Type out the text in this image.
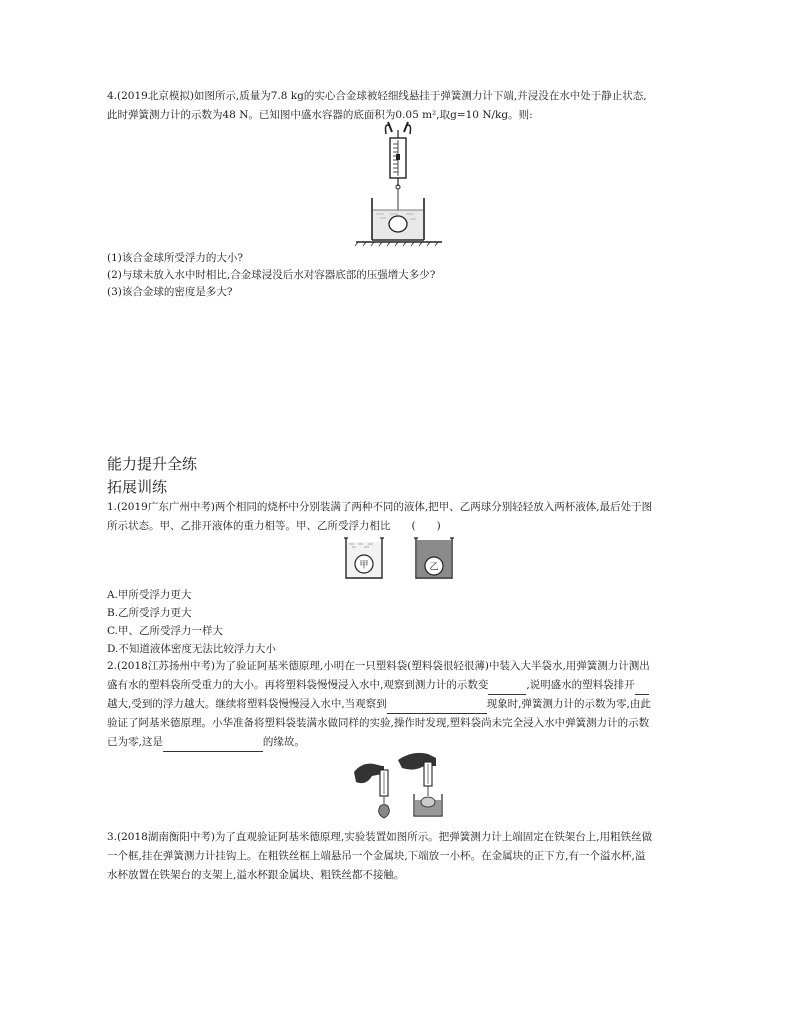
4.(2019北京模拟)如图所示,质量为7.8 kg的实心合金球被轻细线悬挂于弹簧测力计下端,并浸没在水中处于静止状态,
此时弹簧测力计的示数为48 N。已知图中盛水容器的底面积为0.05 m²,取g=10 N/kg。则:
(1)该合金球所受浮力的大小?
(2)与球未放入水中时相比,合金球浸没后水对容器底部的压强增大多少?
(3)该合金球的密度是多大?
能力提升全练
拓展训练
1.(2019广东广州中考)两个相同的烧杯中分别装满了两种不同的液体,把甲、乙两球分别轻轻放入两杯液体,最后处于图
所示状态。甲、乙排开液体的重力相等。甲、乙所受浮力相比　　(　　)
甲	乙
A.甲所受浮力更大
B.乙所受浮力更大
C.甲、乙所受浮力一样大
D.不知道液体密度无法比较浮力大小
2.(2018江苏扬州中考)为了验证阿基米德原理,小明在一只塑料袋(塑料袋很轻很薄)中装入大半袋水,用弹簧测力计测出
盛有水的塑料袋所受重力的大小。再将塑料袋慢慢浸入水中,观察到测力计的示数变	,说明盛水的塑料袋排开
越大,受到的浮力越大。继续将塑料袋慢慢浸入水中,当观察到	现象时,弹簧测力计的示数为零,由此
验证了阿基米德原理。小华准备将塑料袋装满水做同样的实验,操作时发现,塑料袋尚未完全浸入水中弹簧测力计的示数
已为零,这是	的缘故。
3.(2018湖南衡阳中考)为了直观验证阿基米德原理,实验装置如图所示。把弹簧测力计上端固定在铁架台上,用粗铁丝做
一个框,挂在弹簧测力计挂钩上。在粗铁丝框上端悬吊一个金属块,下端放一小杯。在金属块的正下方,有一个溢水杯,溢
水杯放置在铁架台的支架上,溢水杯跟金属块、粗铁丝都不接触。
